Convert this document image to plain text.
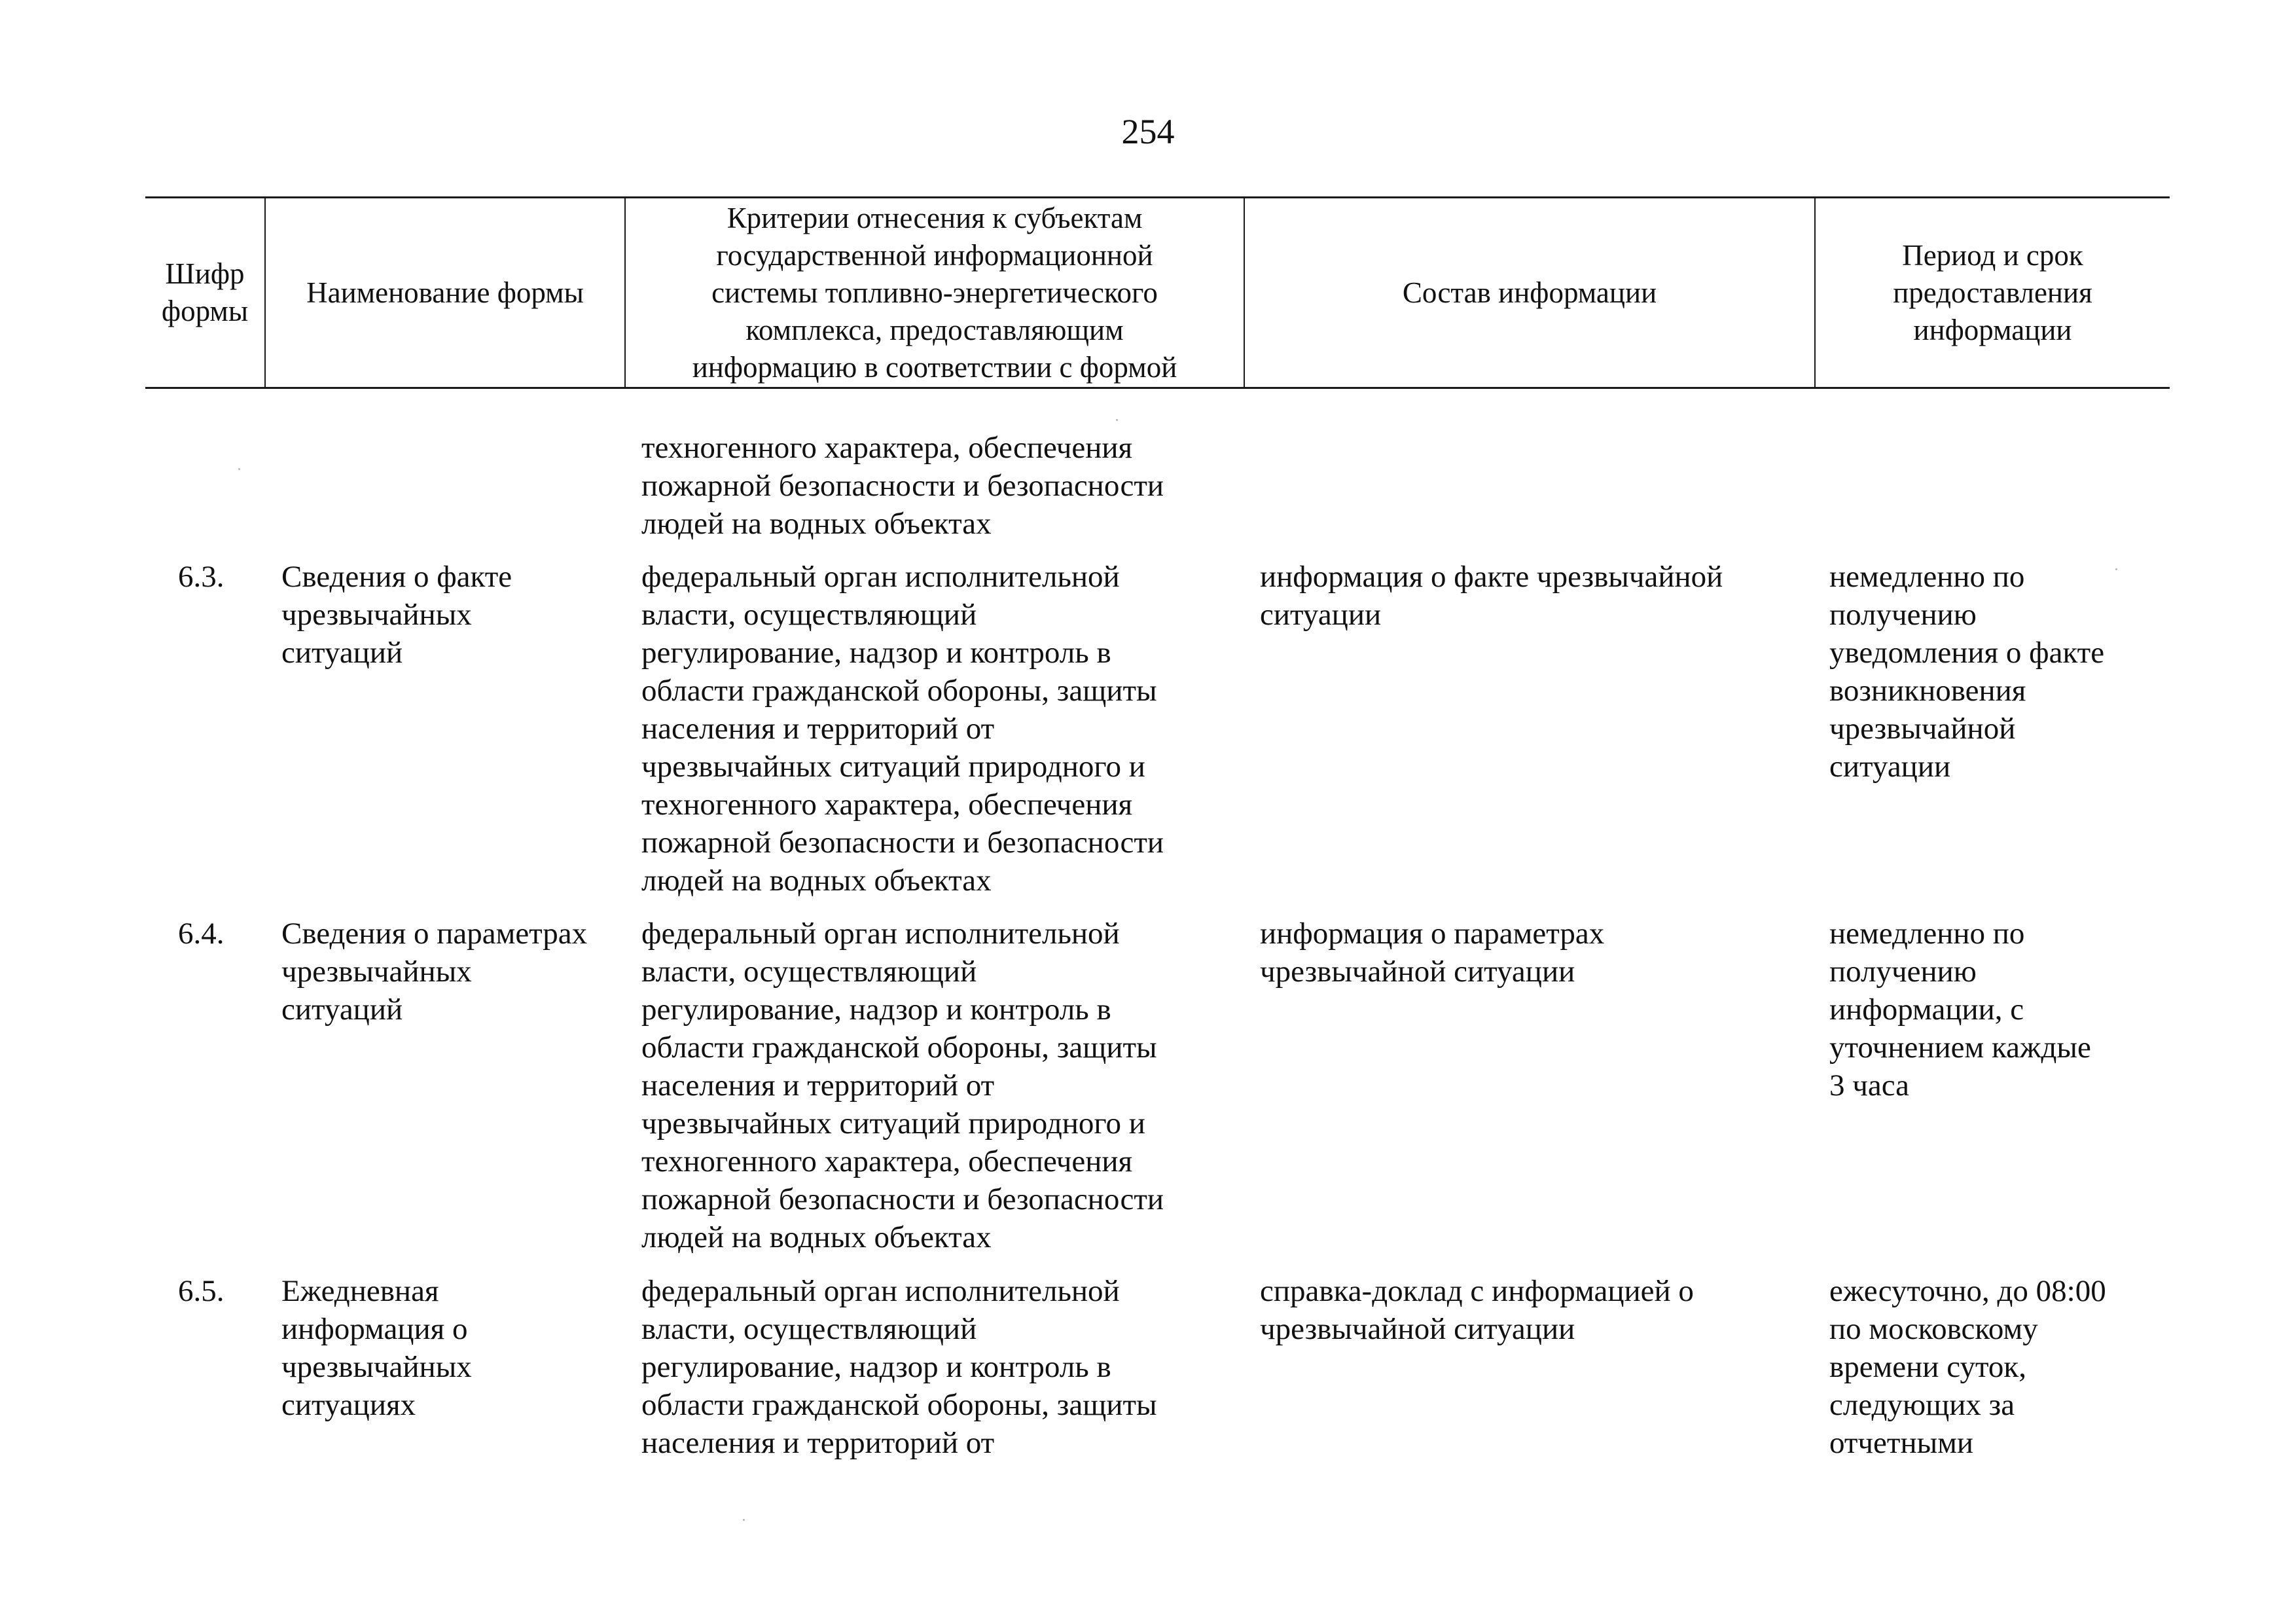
254
Шифр
формы
Наименование формы
Критерии отнесения к субъектам
государственной информационной
системы топливно-энергетического
комплекса, предоставляющим
информацию в соответствии с формой
Состав информации
Период и срок
предоставления
информации
техногенного характера, обеспечения
пожарной безопасности и безопасности
людей на водных объектах
6.3. Сведения о факте
чрезвычайных
ситуаций
федеральный орган исполнительной
власти, осуществляющий
регулирование, надзор и контроль в
области гражданской обороны, защиты
населения и территорий от
чрезвычайных ситуаций природного и
техногенного характера, обеспечения
пожарной безопасности и безопасности
людей на водных объектах
информация о факте чрезвычайной
ситуации
немедленно по
получению
уведомления о факте
возникновения
чрезвычайной
ситуации
6.4. Сведения о параметрах
чрезвычайных
ситуаций
федеральный орган исполнительной
власти, осуществляющий
регулирование, надзор и контроль в
области гражданской обороны, защиты
населения и территорий от
чрезвычайных ситуаций природного и
техногенного характера, обеспечения
пожарной безопасности и безопасности
людей на водных объектах
информация о параметрах
чрезвычайной ситуации
немедленно по
получению
информации, с
уточнением каждые
3 часа
6.5. Ежедневная
информация о
чрезвычайных
ситуациях
федеральный орган исполнительной
власти, осуществляющий
регулирование, надзор и контроль в
области гражданской обороны, защиты
населения и территорий от
справка-доклад с информацией о
чрезвычайной ситуации
ежесуточно, до 08:00
по московскому
времени суток,
следующих за
отчетными
